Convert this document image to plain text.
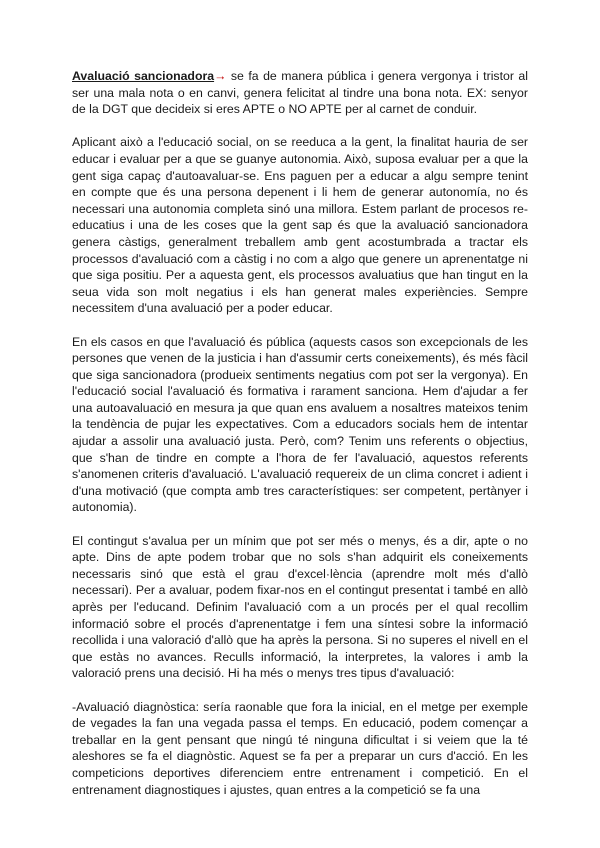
Avaluació sancionadora→ se fa de manera pública i genera vergonya i tristor al ser una mala nota o en canvi, genera felicitat al tindre una bona nota. EX: senyor de la DGT que decideix si eres APTE o NO APTE per al carnet de conduir.

Aplicant això a l'educació social, on se reeduca a la gent, la finalitat hauria de ser educar i evaluar per a que se guanye autonomia. Això, suposa evaluar per a que la gent siga capaç d'autoavaluar-se. Ens paguen per a educar a algu sempre tenint en compte que és una persona depenent i li hem de generar autonomía, no és necessari una autonomia completa sinó una millora. Estem parlant de procesos re-educatius i una de les coses que la gent sap és que la avaluació sancionadora genera càstigs, generalment treballem amb gent acostumbrada a tractar els processos d'avaluació com a càstig i no com a algo que genere un aprenentatge ni que siga positiu. Per a aquesta gent, els processos avaluatius que han tingut en la seua vida son molt negatius i els han generat males experiències. Sempre necessitem d'una avaluació per a poder educar.

En els casos en que l'avaluació és pública (aquests casos son excepcionals de les persones que venen de la justicia i han d'assumir certs coneixements), és més fàcil que siga sancionadora (produeix sentiments negatius com pot ser la vergonya). En l'educació social l'avaluació és formativa i rarament sanciona. Hem d'ajudar a fer una autoavaluació en mesura ja que quan ens avaluem a nosaltres mateixos tenim la tendència de pujar les expectatives. Com a educadors socials hem de intentar ajudar a assolir una avaluació justa. Però, com? Tenim uns referents o objectius, que s'han de tindre en compte a l'hora de fer l'avaluació, aquestos referents s'anomenen criteris d'avaluació. L'avaluació requereix de un clima concret i adient i d'una motivació (que compta amb tres característiques: ser competent, pertànyer i autonomia).

El contingut s'avalua per un mínim que pot ser més o menys, és a dir, apte o no apte. Dins de apte podem trobar que no sols s'han adquirit els coneixements necessaris sinó que està el grau d'excel·lència (aprendre molt més d'allò necessari). Per a avaluar, podem fixar-nos en el contingut presentat i també en allò après per l'educand. Definim l'avaluació com a un procés per el qual recollim informació sobre el procés d'aprenentatge i fem una síntesi sobre la informació recollida i una valoració d'allò que ha après la persona. Si no superes el nivell en el que estàs no avances. Reculls informació, la interpretes, la valores i amb la valoració prens una decisió. Hi ha més o menys tres tipus d'avaluació:

-Avaluació diagnòstica: sería raonable que fora la inicial, en el metge per exemple de vegades la fan una vegada passa el temps. En educació, podem començar a treballar en la gent pensant que ningú té ninguna dificultat i si veiem que la té aleshores se fa el diagnòstic. Aquest se fa per a preparar un curs d'acció. En les competicions deportives diferenciem entre entrenament i competició. En el entrenament diagnostiques i ajustes, quan entres a la competició se fa una
